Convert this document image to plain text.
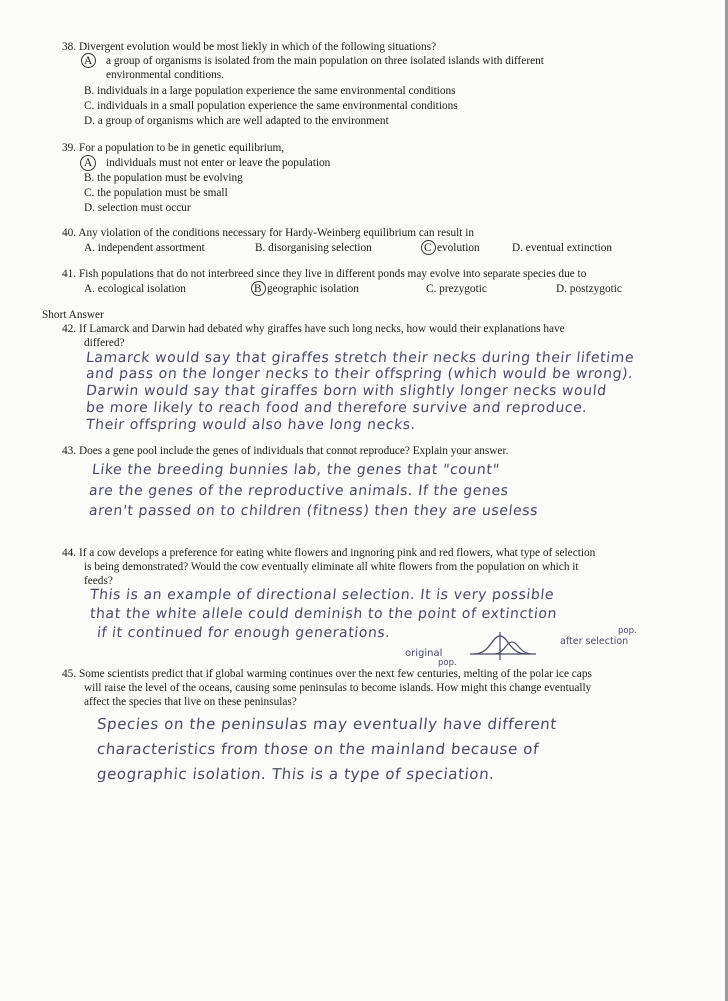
38. Divergent evolution would be most liekly in which of the following situations?
A a group of organisms is isolated from the main population on three isolated islands with different
environmental conditions.
B. individuals in a large population experience the same environmental conditions
C. individuals in a small population experience the same environmental conditions
D. a group of organisms which are well adapted to the environment
39. For a population to be in genetic equilibrium,
A individuals must not enter or leave the population
B. the population must be evolving
C. the population must be small
D. selection must occur
40. Any violation of the conditions necessary for Hardy-Weinberg equilibrium can result in
A. independent assortment	B. disorganising selection	C evolution	D. eventual extinction
41. Fish populations that do not interbreed since they live in different ponds may evolve into separate species due to
A. ecological isolation	B geographic isolation	C. prezygotic	D. postzygotic
Short Answer
42. If Lamarck and Darwin had debated why giraffes have such long necks, how would their explanations have
differed?
Lamarck would say that giraffes stretch their necks during their lifetime
and pass on the longer necks to their offspring (which would be wrong).
Darwin would say that giraffes born with slightly longer necks would
be more likely to reach food and therefore survive and reproduce.
Their offspring would also have long necks.
43. Does a gene pool include the genes of individuals that connot reproduce? Explain your answer.
Like the breeding bunnies lab, the genes that "count"
are the genes of the reproductive animals. If the genes
aren't passed on to children (fitness) then they are useless
44. If a cow develops a preference for eating white flowers and ingnoring pink and red flowers, what type of selection
is being demonstrated? Would the cow eventually eliminate all white flowers from the population on which it
feeds?
This is an example of directional selection. It is very possible
that the white allele could deminish to the point of extinction
if it continued for enough generations.
original
pop.
pop.
after selection
45. Some scientists predict that if global warming continues over the next few centuries, melting of the polar ice caps
will raise the level of the oceans, causing some peninsulas to become islands. How might this change eventually
affect the species that live on these peninsulas?
Species on the peninsulas may eventually have different
characteristics from those on the mainland because of
geographic isolation. This is a type of speciation.
